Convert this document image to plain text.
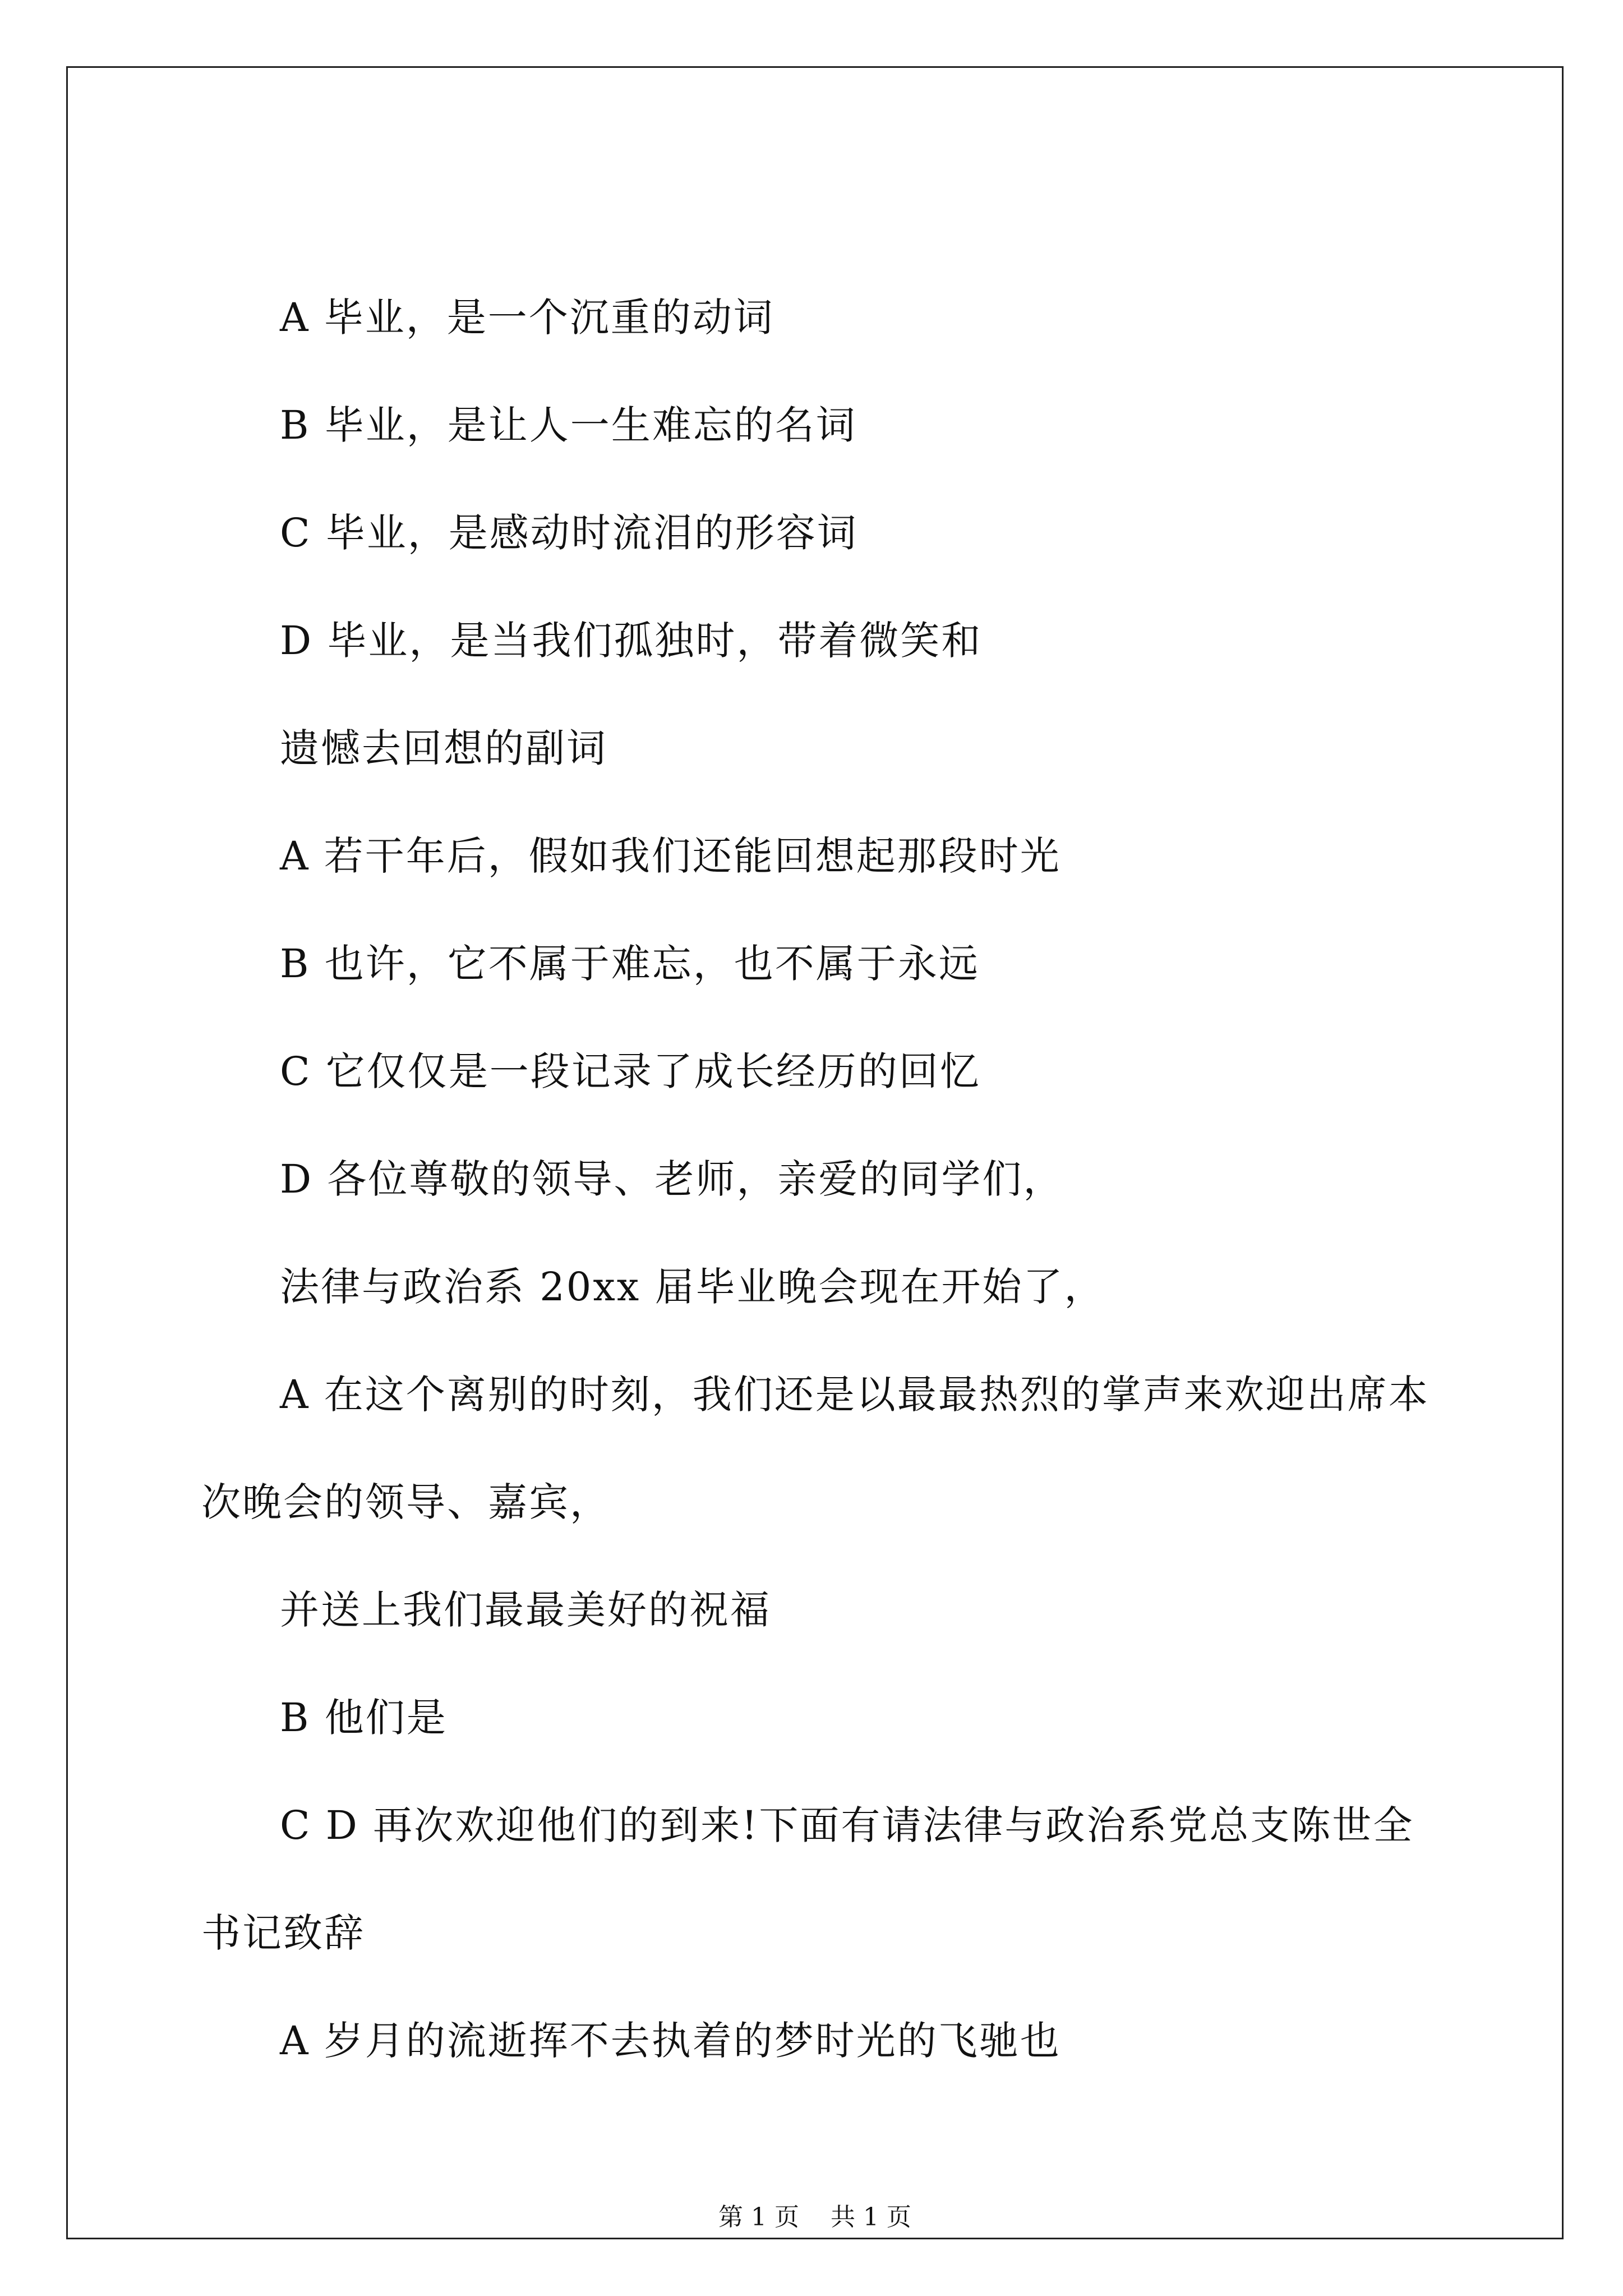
A 毕业，是一个沉重的动词
B 毕业，是让人一生难忘的名词
C 毕业，是感动时流泪的形容词
D 毕业，是当我们孤独时，带着微笑和
遗憾去回想的副词
A 若干年后，假如我们还能回想起那段时光
B 也许，它不属于难忘，也不属于永远
C 它仅仅是一段记录了成长经历的回忆
D 各位尊敬的领导、老师，亲爱的同学们，
法律与政治系 20xx 届毕业晚会现在开始了，
A 在这个离别的时刻，我们还是以最最热烈的掌声来欢迎出席本
次晚会的领导、嘉宾，
并送上我们最最美好的祝福
B 他们是
C D 再次欢迎他们的到来!下面有请法律与政治系党总支陈世全
书记致辞
A 岁月的流逝挥不去执着的梦时光的飞驰也
第 1 页    共 1 页
